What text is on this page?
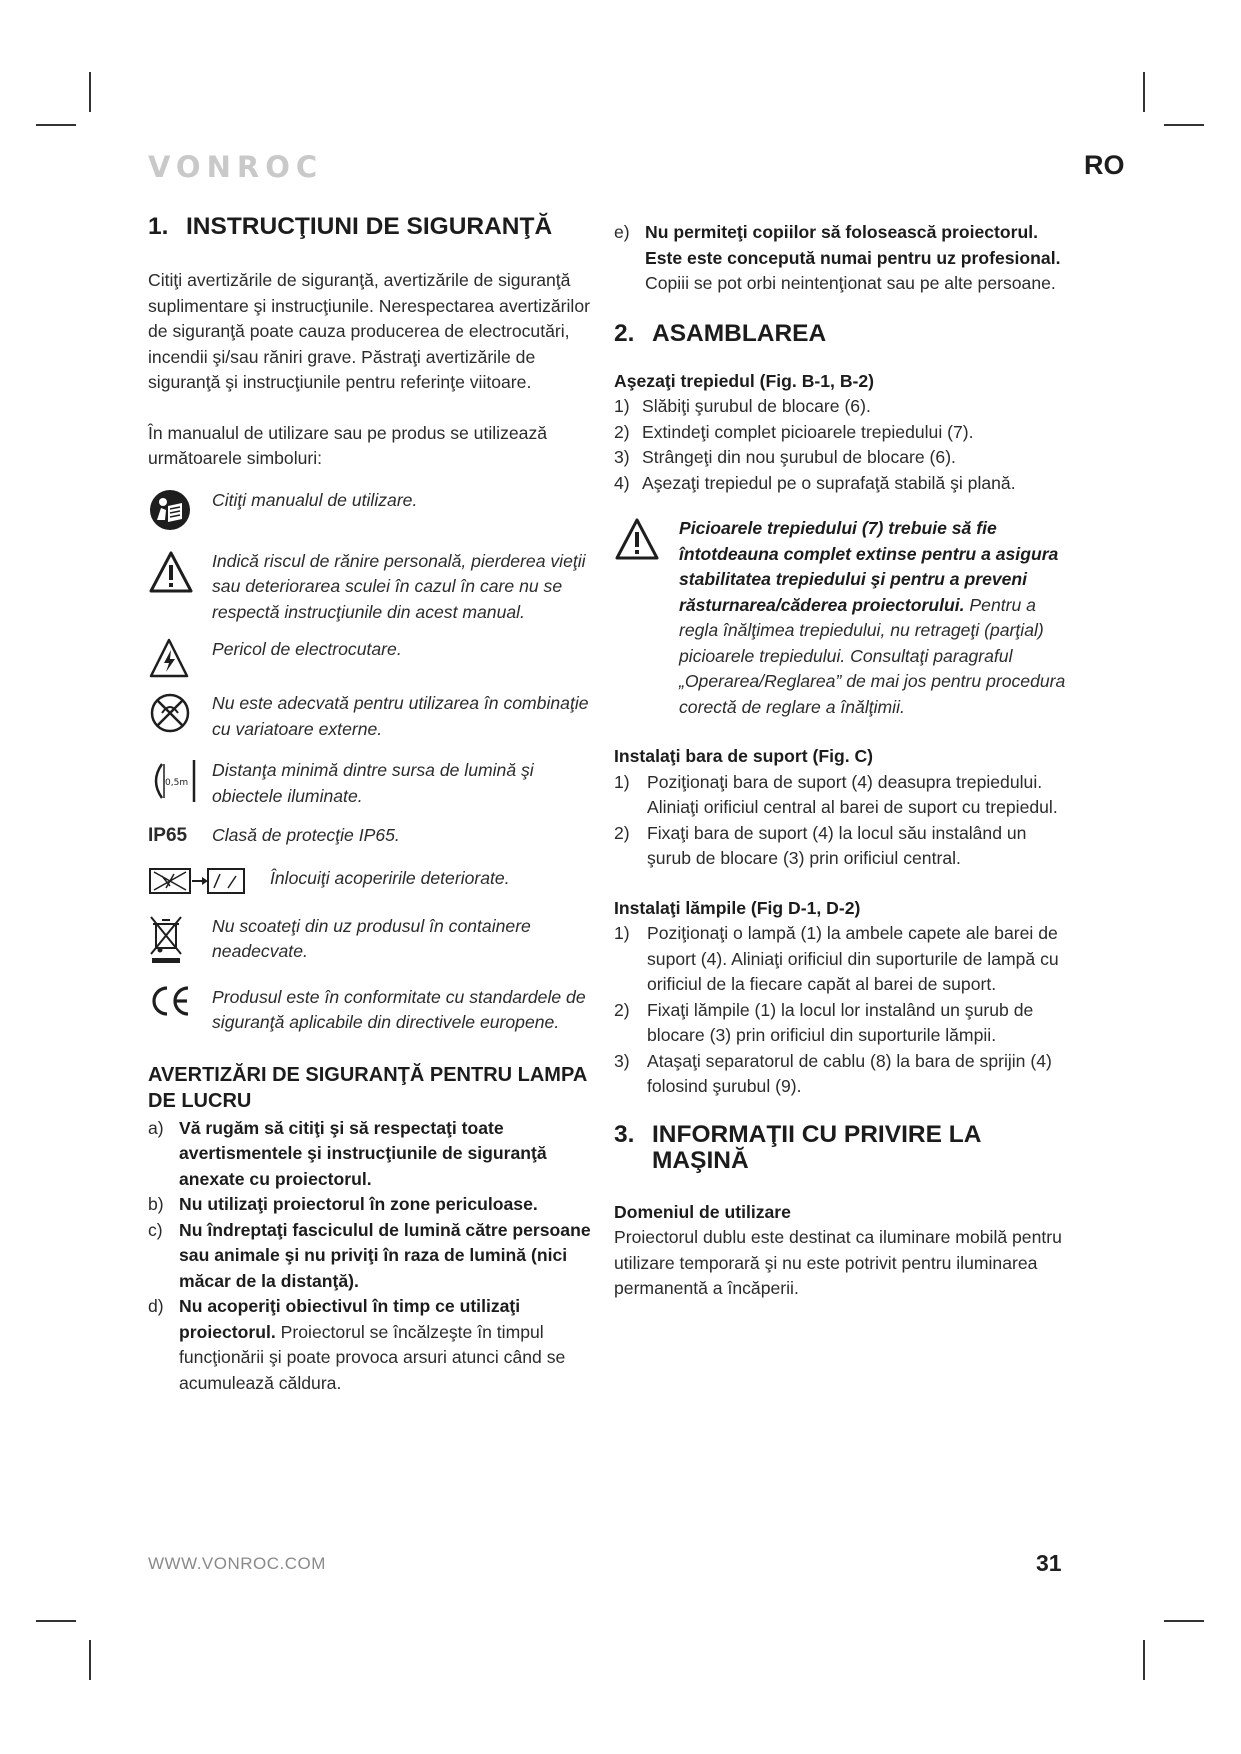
VONROC	RO
1. INSTRUCŢIUNI DE SIGURANŢĂ

Citiţi avertizările de siguranţă, avertizările de siguranţă suplimentare şi instrucţiunile. Nerespectarea avertizărilor de siguranţă poate cauza producerea de electrocutări, incendii şi/sau răniri grave. Păstraţi avertizările de siguranţă şi instrucţiunile pentru referinţe viitoare.

În manualul de utilizare sau pe produs se utilizează următoarele simboluri:

Citiţi manualul de utilizare.
Indică riscul de rănire personală, pierderea vieţii sau deteriorarea sculei în cazul în care nu se respectă instrucţiunile din acest manual.
Pericol de electrocutare.
Nu este adecvată pentru utilizarea în combinaţie cu variatoare externe.
0,5m
Distanţa minimă dintre sursa de lumină şi obiectele iluminate.
IP65	Clasă de protecţie IP65.
Înlocuiţi acoperirile deteriorate.
Nu scoateţi din uz produsul în containere neadecvate.
Produsul este în conformitate cu standardele de siguranţă aplicabile din directivele europene.
AVERTIZĂRI DE SIGURANŢĂ PENTRU LAMPA DE LUCRU
a) Vă rugăm să citiţi şi să respectaţi toate avertismentele şi instrucţiunile de siguranţă anexate cu proiectorul.
b) Nu utilizaţi proiectorul în zone periculoase.
c) Nu îndreptaţi fasciculul de lumină către persoane sau animale şi nu priviţi în raza de lumină (nici măcar de la distanţă).
d) Nu acoperiţi obiectivul în timp ce utilizaţi proiectorul. Proiectorul se încălzeşte în timpul funcţionării şi poate provoca arsuri atunci când se acumulează căldura.
e) Nu permiteţi copiilor să folosească proiectorul. Este este concepută numai pentru uz profesional. Copiii se pot orbi neintenţionat sau pe alte persoane.
2. ASAMBLAREA

Aşezaţi trepiedul (Fig. B-1, B-2)

1) Slăbiţi şurubul de blocare (6).
2) Extindeţi complet picioarele trepiedului (7).
3) Strângeţi din nou şurubul de blocare (6).
4) Aşezaţi trepiedul pe o suprafaţă stabilă şi plană.
Picioarele trepiedului (7) trebuie să fie întotdeauna complet extinse pentru a asigura stabilitatea trepiedului şi pentru a preveni răsturnarea/căderea proiectorului. Pentru a regla înălţimea trepiedului, nu retrageţi (parţial) picioarele trepiedului. Consultaţi paragraful „Operarea/Reglarea” de mai jos pentru procedura corectă de reglare a înălţimii.

Instalaţi bara de suport (Fig. C)

1) Poziţionaţi bara de suport (4) deasupra trepiedului. Aliniaţi orificiul central al barei de suport cu trepiedul.
2) Fixaţi bara de suport (4) la locul său instalând un şurub de blocare (3) prin orificiul central.

Instalaţi lămpile (Fig D-1, D-2)

1) Poziţionaţi o lampă (1) la ambele capete ale barei de suport (4). Aliniaţi orificiul din suporturile de lampă cu orificiul de la fiecare capăt al barei de suport.
2) Fixaţi lămpile (1) la locul lor instalând un şurub de blocare (3) prin orificiul din suporturile lămpii.
3) Ataşaţi separatorul de cablu (8) la bara de sprijin (4) folosind şurubul (9).
3. INFORMAŢII CU PRIVIRE LA MAŞINĂ

Domeniul de utilizare

Proiectorul dublu este destinat ca iluminare mobilă pentru utilizare temporară şi nu este potrivit pentru iluminarea permanentă a încăperii.

WWW.VONROC.COM	31
